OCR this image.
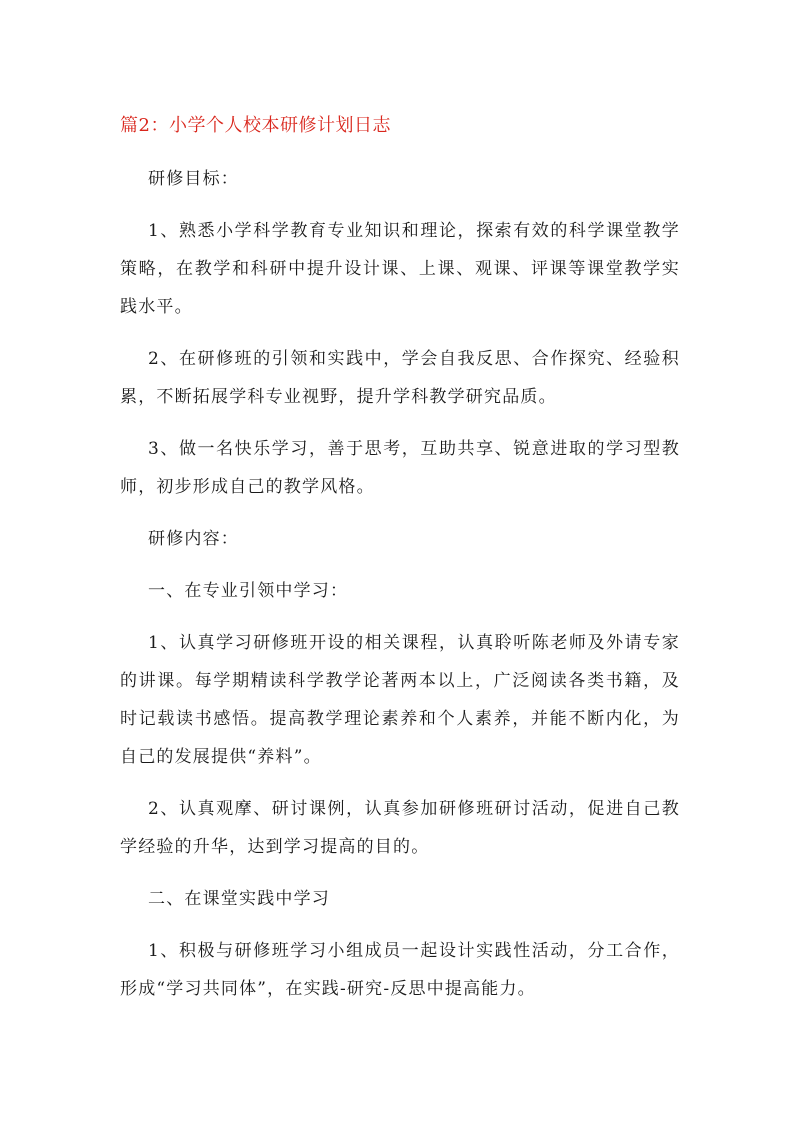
篇2：小学个人校本研修计划日志

研修目标：

1、熟悉小学科学教育专业知识和理论，探索有效的科学课堂教学策略，在教学和科研中提升设计课、上课、观课、评课等课堂教学实践水平。

2、在研修班的引领和实践中，学会自我反思、合作探究、经验积累，不断拓展学科专业视野，提升学科教学研究品质。

3、做一名快乐学习，善于思考，互助共享、锐意进取的学习型教师，初步形成自己的教学风格。

研修内容：

一、在专业引领中学习：

1、认真学习研修班开设的相关课程，认真聆听陈老师及外请专家的讲课。每学期精读科学教学论著两本以上，广泛阅读各类书籍，及时记载读书感悟。提高教学理论素养和个人素养，并能不断内化，为自己的发展提供“养料”。

2、认真观摩、研讨课例，认真参加研修班研讨活动，促进自己教学经验的升华，达到学习提高的目的。

二、在课堂实践中学习

1、积极与研修班学习小组成员一起设计实践性活动，分工合作，形成“学习共同体”，在实践-研究-反思中提高能力。
